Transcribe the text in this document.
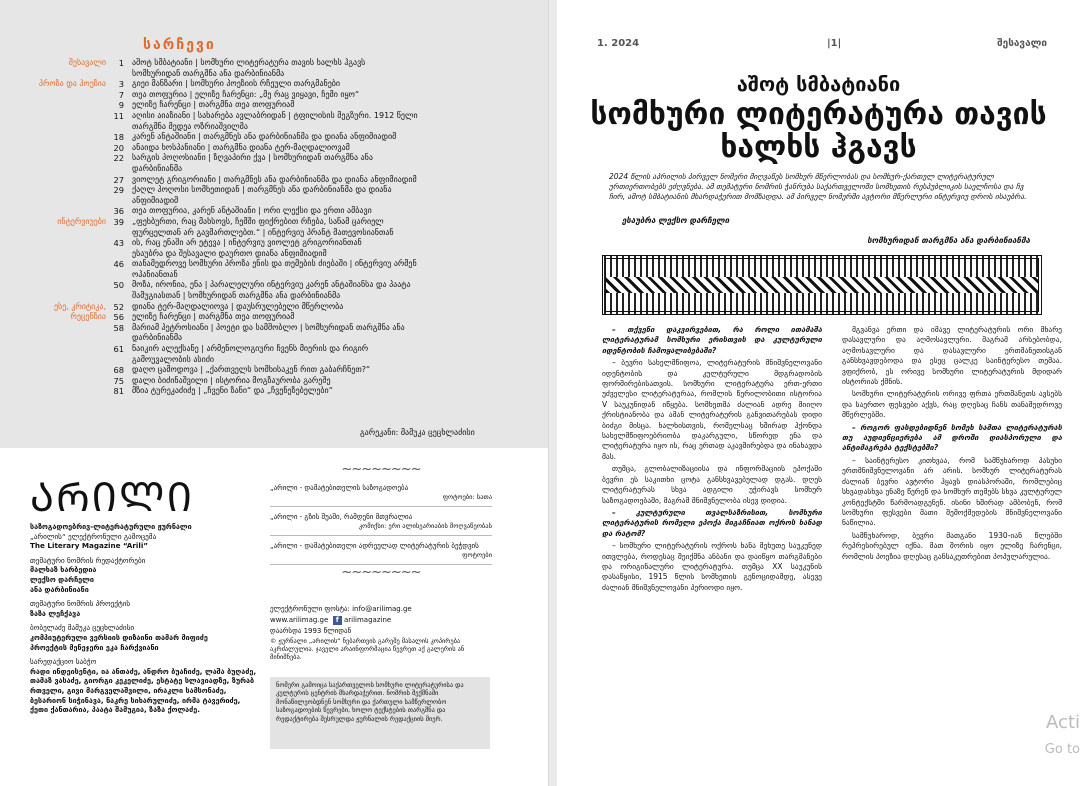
სარჩევი
შესავალი	1	აშოტ სმბატიანი | სომხური ლიტერატურა თავის ხალხს ჰგავს
სომხურიდან თარგმნა ანა დარბინიანმა
პროზა და პოეზია	3	გიეი მანზარი | სომხური პოეზიის რჩეული თარგმანები
7	თეა თოფურია | ელიზე ჩარენცი: „მე რაც ვიყავი, ჩემი იყო“
9	ელიზე ჩარენცი | თარგმნა თეა თოფურიამ
11	აღისი აიაზიანი | სახარება ავლაბრიდან | ტფილისის მეგზური. 1912 წელი
თარგმნა მედეა ოზრიაშვილმა
18	კარენ ანტაშიანი | თარგმნეს ანა დარბინიანმა და დიანა ანფიმიადიმ
20	ანაიდა ხოსპანიანი | თარგმნა დიანა ტერ-მაღდალიოვამ
22	სარგის პოღოსიანი | ზღვაპირი ქვა | სომხურიდან თარგმნა ანა
დარბინიანმა
27	ვიოლეტ გრიგორიანი | თარგმნეს ანა დარბინიანმა და დიანა ანფიმიადიმ
29	ქაღლ პოღოსი სომხეთიდან | თარგმნეს ანა დარბინიანმა და დიანა
ანფიმიადიმ
36	თეა თოფურია, კარენ ანტაშიანი | ორი ლექსი და ერთი ამბავი
ინტერვიუები 39	„ფეხბურთი, რაც მახსოვს, ჩემში ფიქრებით რჩება, სანამ ცარიელ
ფურცელთან არ გავმართლებთ.“ | ინტერვიუ პრანტ მათევოსიანთან
43	ის, რაც ენაში არ ეტევა | ინტერვიუ ვიოლეტ გრიგორიანთან
ესაუბრა და შესავალი დაურთო დიანა ანფიმიადიმ
46	თანამედროვე სომხური პროზა ენის და თემების ძიებაში | ინტერვიუ არმენ
ოჰანიანთან
50	მოზა, ირონია, ენა | პარალელური ინტერვიუ კარენ ანტაშიანსა და პაატა
შამუგიასთან | სომხურიდან თარგმნა ანა დარბინიანმა
ესე, კრიტიკა, 52	დიანა ტერ-მაღდალიოვა | დაუსრულებელი მწერლობა
რეცენზია 56	ელიზე ჩარენცი | თარგმნა თეა თოფურიამ
58	მარიამ პეტროსიანი | პოეტი და სამშობლო | სომხურიდან თარგმნა ანა
დარბინიანმა
61	ნაიკირ ალექსანე | არმენოლოგიური ჩვენს მიერის და რიგირ
გამოუვალობის ასიძი
68	დაღო ცამოდოვა | „ქართველს სომხისაკენ რით გაბარჩნეთ?“
75	დალი ბიძინაშვილი | ისტორია მოგზაურობა გარეშე
81	მზია ტურეკაძიძე | „ჩვენი ზანი“ და „ჩვენეზებელები“
გარეკანი: მამუკა ცეცხლაძისი
ᲐᲠᲘᲚᲘ
საზოგადოებრივ-ლიტერატურული ჟურნალი
„არილის“ ელექტრონული გამოცემა
The Literary Magazine “Arili”
თემატური ნომრის რედაქტორები
მალხაზ ხარბედია
ლექსო დარჩელი
ანა დარბინიანი
თემატური ნომრის პროექტის
ზაზა ლეჩქავა
ბობელაძე მამუკა ცეცხლაძისი
კომპიუტერული ვერსიის დიზაინი თამარ მიფიძე
პროექტის მენეჯერი ეკა ჩარქვიანი
სარედაქციო საბჭო
რადი ინდეისენტი, ია ანთაძე, ანდრო ბუაჩიძე, ლაშა ბუღაძე, თამაზ ვასაძე, გიორგი კეკელიძე, ესტატე სლავიადზე, ზურაბ რთველი, გივი მარგველაშვილი, ირაკლი სამსონაძე, ბესარიონ სიჭინავა, ნაკრე სიხარულიძე, ირმა ტავერიძე, ქეთი ქანთარია, პაატა შამუგია, ზაზა ქოლაძე.
~~~~~~~~
„არილი - დამატებითელის საზოგადოება
ფოტოები: სათა
„არილი - გზის შუაში, რამდენი მთვრალია
კომიქსი: ერი ალისეარიაბის მოღვაწეობას
„არილი - დამატებითელი ადრეულად ლიტერატურის ბეჭდვის
ფოტოები
~~~~~~~~
ელექტრონული ფოსტა: info@arilimag.ge
www.arilimag.ge f arilimagazine
დაარსდა 1993 წლიდან
© ჟურნალი „არილის“ ნებართვის გარეშე მასალის კოპირება აკრძალულია. ჯაველი არაინფორმაცია წევრეთ აქ გალერის ან მინიშნება.
ნომერი გამოიცა საქართველოს სომხური ლიტერატურისა და კულტურის ცენტრის მხარდაჭერით. ნომრის შექმნაში მონაწილეობდნენ სომხური და ქართული სამწერლობო საზოგადოების წევრები, ხოლო ტექსტების თარგმნა და რედაქტირება შესრულდა ჟურნალის რედაქციის მიერ.
1. 2024	|1|	შესავალი
აშოტ სმბატიანი
სომხური ლიტერატურა თავის ხალხს ჰგავს
2024 წლის აპრილის პირველ ნომერი მიღვაწეს სომხურ მწერლობას და სომხურ-ქართულ ლიტერატურულ ურთიერთობებს ეძღვნება. ამ თემატური ნომრის ჭანრუბა საქართველოში სომხეთის რესპუბლიკის საელჩოსა და ჩვ ჩირ, აშოტ სმბატიანის მხარდაჭერით მომზადდა. ამ პირველ ნომერში ავტორი მწერლური ინტერვიუ დროს ისაუბრა.
ესაუბრა ლექსო დარჩელი
სომხურიდან თარგმნა ანა დარბინიანმა

– თქვენი დაკვირვებით, რა როლი ითამაშა ლიტერატურამ სომხური ერისთვის და კულტურული იდენტობის ჩამოყალიბებაში?

– ბევრი სახელმწიფოა, ლიტერატურის მნიშვნელოვანი იდენტობის და კულტურული მდგრადობის ფორმირებისათვის. სომხური ლიტერატურა ერთ-ერთი უძველესი ლიტერატურაა, რომლის წერილობითი ისტორია V საუკუნიდან იწყება. სომხეთმა ძალიან ადრე მიიღო ქრისტიანობა და ამან ლიტერატურის განვითარებას დიდი ბიძგი მისცა. ხალხისთვის, რომელსაც ხშირად ჰქონდა სახელმწიფოებრიობა დაკარგული, სწორედ ენა და ლიტერატურა იყო ის, რაც ერთად აკავშირებდა და ინახავდა მას.

თუმცა, გლობალიზაციისა და ინფორმაციის ეპოქაში ბევრი ეს საკითხი ცოტა განსხვავებულად დგას. დღეს ლიტერატურას სხვა ადგილი უჭირავს სომხურ საზოგადოებაში, მაგრამ მნიშვნელობა ისევ დიდია.

– კულტურული თვალსაზრისით, სომხური ლიტერატურის რომელი ეპოქა მიგაჩნიათ ოქროს ხანად და რატომ?

– სომხური ლიტერატურის ოქროს ხანა მეხუთე საუკუნედ ითვლება, როდესაც შეიქმნა ანბანი და დაიწყო თარგმანები და ორიგინალური ლიტერატურა. თუმცა XX საუკუნის დასაწყისი, 1915 წლის სომხეთის გენოციდამდე, ასევე ძალიან მნიშვნელოვანი პერიოდი იყო.

მგვანვა ერთი და იმავე ლიტერატურის ორი მხარე დასავლური და აღმოსავლური. მაგრამ არსებობდა, აღმოსავლური და დასავლური ერთმანეთისგან განსხვავდებოდა და ესეც ცალკე საინტერესო თემაა. ვფიქრობ, ეს ორივე სომხური ლიტერატურის მდიდარ ისტორიას ქმნის.

სომხური ლიტერატურის ორივე ფრთა ერთმანეთს ავსებს და საერთო ფესვები აქვს, რაც დღესაც ჩანს თანამედროვე მწერლებში.

– როგორ ფასდებიდნენ სომეხ სამთა ლიტერატურას თუ აუდიენციერება ამ დროში დიასპორული და ანტიმაგრება ტექსტებში?

– საინტერესო კითხვაა, რომ სამწუხაროდ პასუხი ერთმნიშვნელოვანი არ არის. სომხურ ლიტერატურას ძალიან ბევრი ავტორი ჰყავს დიასპორაში, რომლებიც სხვადასხვა ენაზე წერენ და სომხურ თემებს სხვა კულტურულ კონტექსტში წარმოადგენენ. ისინი ხშირად ამბობენ, რომ სომხური ფესვები მათი შემოქმედების მნიშვნელოვანი ნაწილია.

სამწუხაროდ, ბევრი მათგანი 1930-იან წლებში რეპრესირებულ იქნა. მათ შორის იყო ელიზე ჩარენცი, რომლის პოეზია დღესაც განსაკუთრებით პოპულარულია.

Acti
Go to
